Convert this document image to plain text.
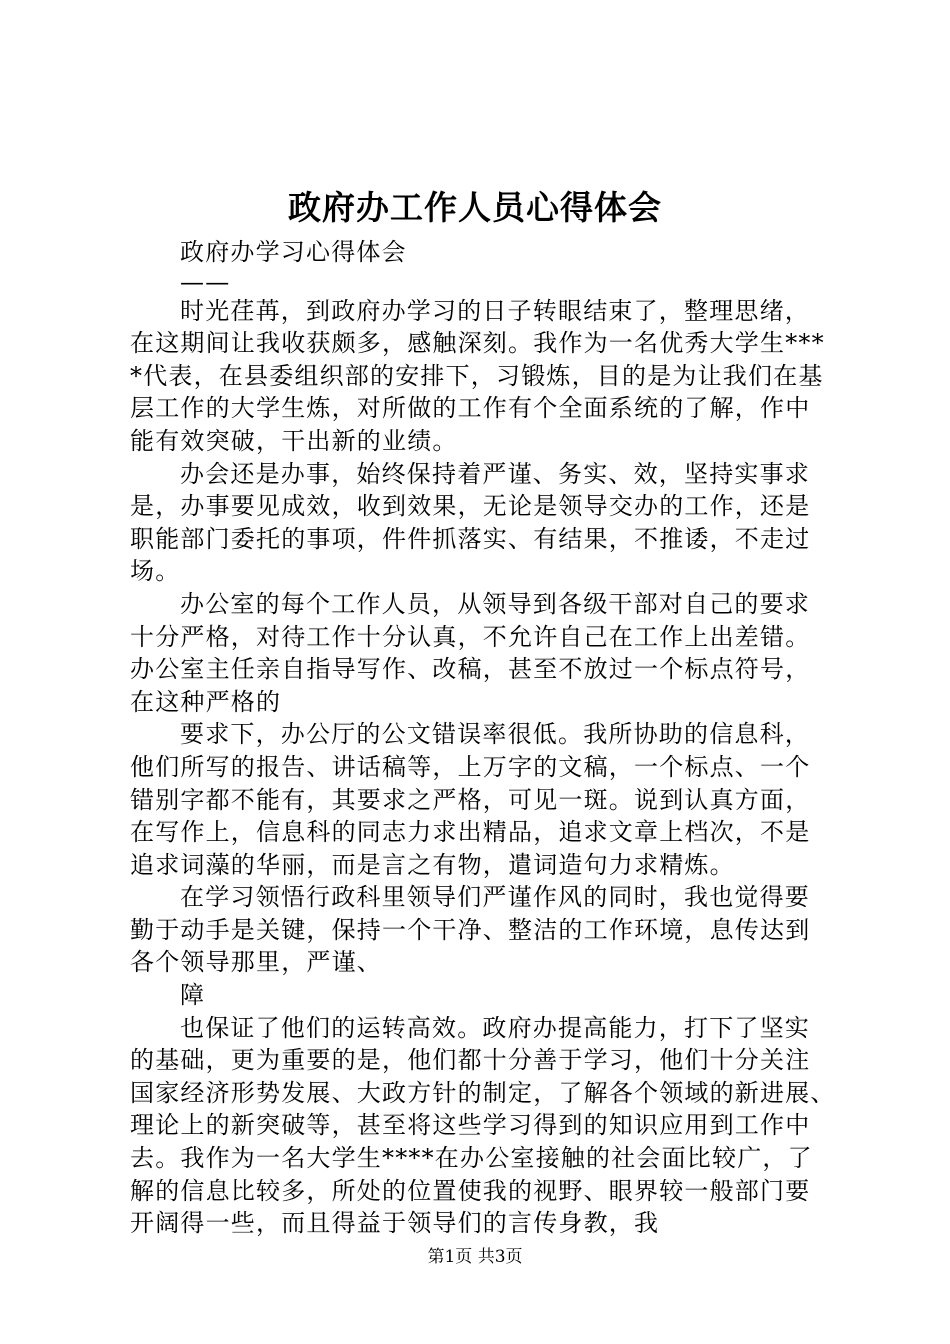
政府办工作人员心得体会
政府办学习心得体会
——
时光荏苒，到政府办学习的日子转眼结束了，整理思绪，
在这期间让我收获颇多，感触深刻。我作为一名优秀大学生***
*代表，在县委组织部的安排下，习锻炼，目的是为让我们在基
层工作的大学生炼，对所做的工作有个全面系统的了解，作中
能有效突破，干出新的业绩。
办会还是办事，始终保持着严谨、务实、效，坚持实事求
是，办事要见成效，收到效果，无论是领导交办的工作，还是
职能部门委托的事项，件件抓落实、有结果，不推诿，不走过
场。
办公室的每个工作人员，从领导到各级干部对自己的要求
十分严格，对待工作十分认真，不允许自己在工作上出差错。
办公室主任亲自指导写作、改稿，甚至不放过一个标点符号，
在这种严格的
要求下，办公厅的公文错误率很低。我所协助的信息科，
他们所写的报告、讲话稿等，上万字的文稿，一个标点、一个
错别字都不能有，其要求之严格，可见一斑。说到认真方面，
在写作上，信息科的同志力求出精品，追求文章上档次，不是
追求词藻的华丽，而是言之有物，遣词造句力求精炼。
在学习领悟行政科里领导们严谨作风的同时，我也觉得要
勤于动手是关键，保持一个干净、整洁的工作环境，息传达到
各个领导那里，严谨、
障
也保证了他们的运转高效。政府办提高能力，打下了坚实
的基础，更为重要的是，他们都十分善于学习，他们十分关注
国家经济形势发展、大政方针的制定，了解各个领域的新进展、
理论上的新突破等，甚至将这些学习得到的知识应用到工作中
去。我作为一名大学生****在办公室接触的社会面比较广，了
解的信息比较多，所处的位置使我的视野、眼界较一般部门要
开阔得一些，而且得益于领导们的言传身教，我
第1页 共3页
